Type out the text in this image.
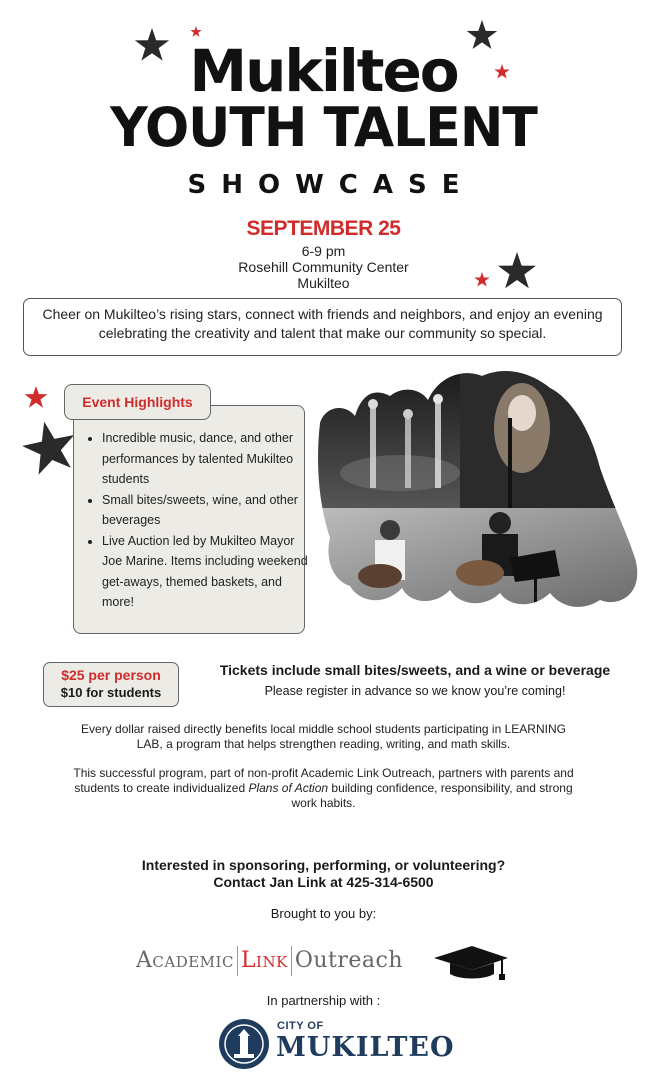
Mukilteo
YOUTH TALENT
SHOWCASE
SEPTEMBER 25
6-9 pm
Rosehill Community Center
Mukilteo
Cheer on Mukilteo’s rising stars, connect with friends and neighbors, and enjoy an evening celebrating the creativity and talent that make our community so special.
Event Highlights
• Incredible music, dance, and other performances by talented Mukilteo students
• Small bites/sweets, wine, and other beverages
• Live Auction led by Mukilteo Mayor Joe Marine. Items including weekend get-aways, themed baskets, and more!
$25 per person
$10 for students
Tickets include small bites/sweets, and a wine or beverage
Please register in advance so we know you’re coming!
Every dollar raised directly benefits local middle school students participating in LEARNING LAB, a program that helps strengthen reading, writing, and math skills.
This successful program, part of non-profit Academic Link Outreach, partners with parents and students to create individualized Plans of Action building confidence, responsibility, and strong work habits.
Interested in sponsoring, performing, or volunteering?
Contact Jan Link at 425-314-6500
Brought to you by:
Academic Link Outreach
In partnership with :
CITY OF
MUKILTEO
